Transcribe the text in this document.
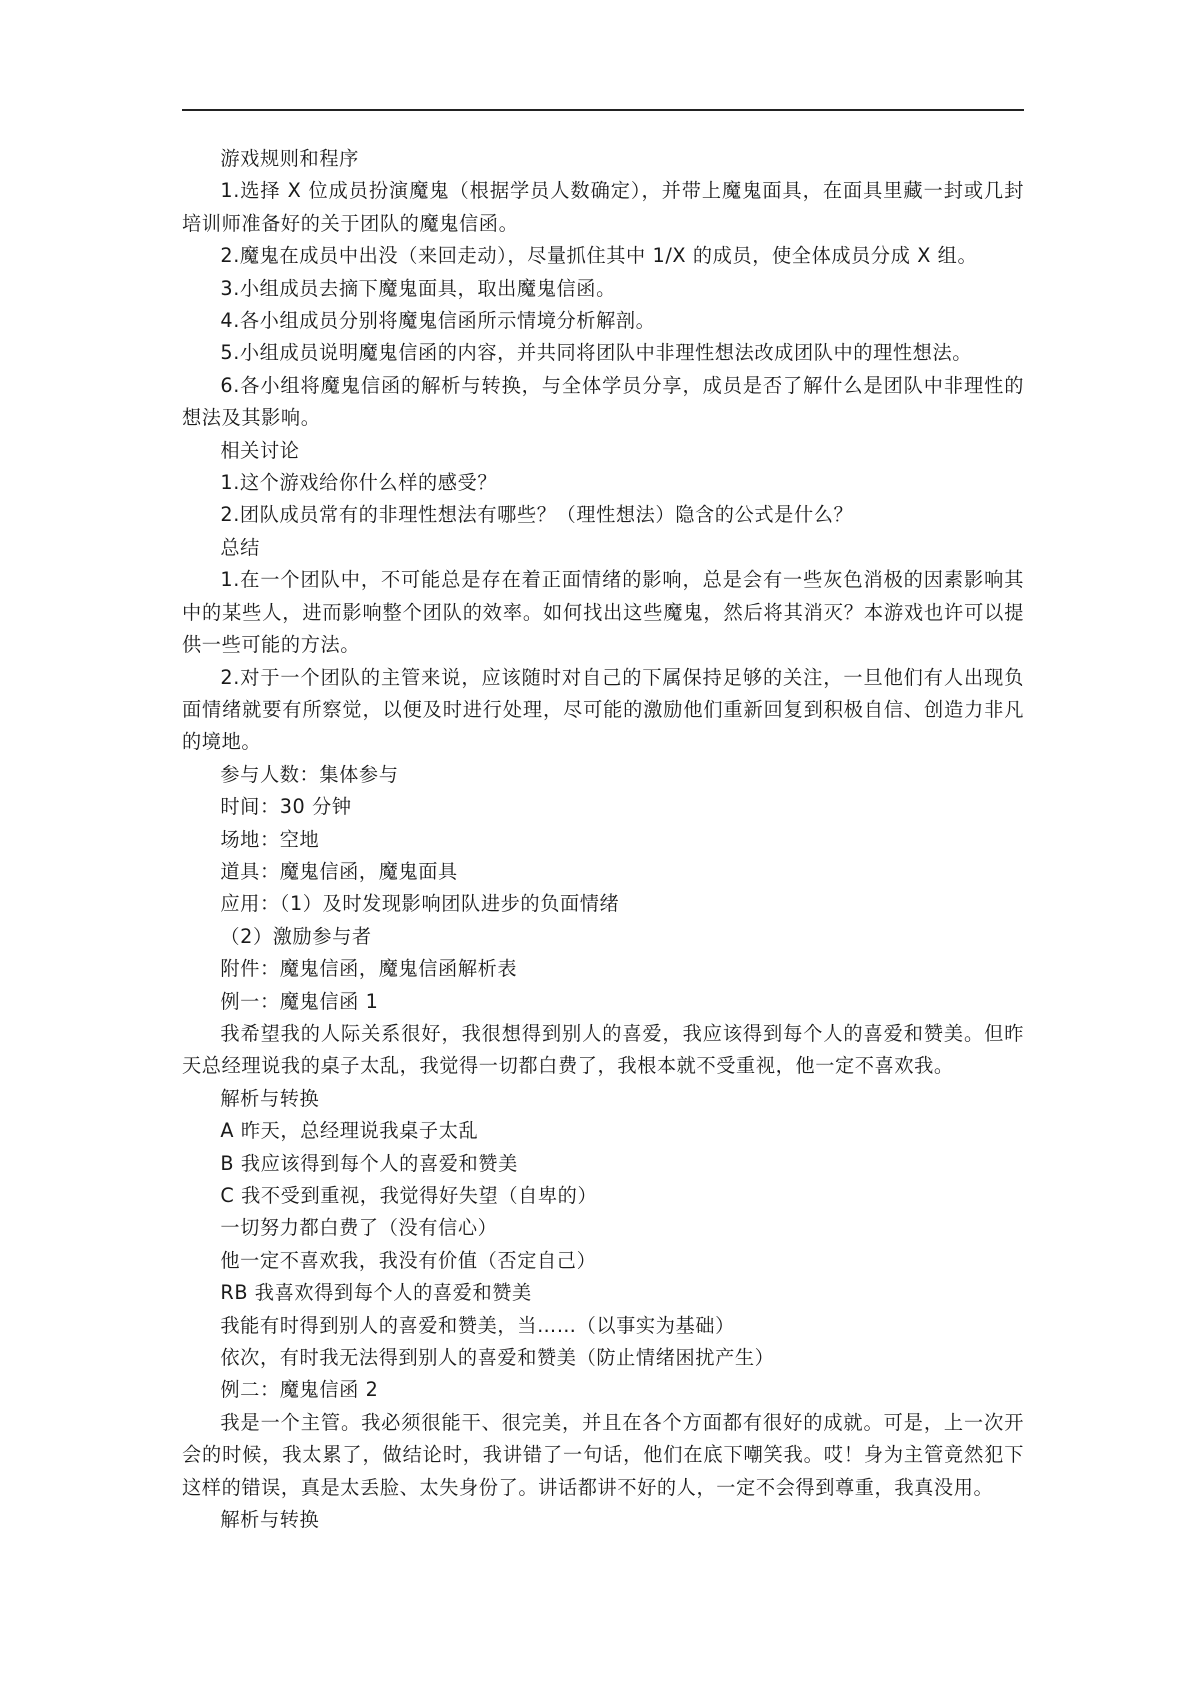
游戏规则和程序

1.选择 X 位成员扮演魔鬼（根据学员人数确定），并带上魔鬼面具，在面具里藏一封或几封培训师准备好的关于团队的魔鬼信函。

2.魔鬼在成员中出没（来回走动），尽量抓住其中 1/X 的成员，使全体成员分成 X 组。

3.小组成员去摘下魔鬼面具，取出魔鬼信函。

4.各小组成员分别将魔鬼信函所示情境分析解剖。

5.小组成员说明魔鬼信函的内容，并共同将团队中非理性想法改成团队中的理性想法。

6.各小组将魔鬼信函的解析与转换，与全体学员分享，成员是否了解什么是团队中非理性的想法及其影响。

相关讨论

1.这个游戏给你什么样的感受？

2.团队成员常有的非理性想法有哪些？（理性想法）隐含的公式是什么？

总结

1.在一个团队中，不可能总是存在着正面情绪的影响，总是会有一些灰色消极的因素影响其中的某些人，进而影响整个团队的效率。如何找出这些魔鬼，然后将其消灭？本游戏也许可以提供一些可能的方法。

2.对于一个团队的主管来说，应该随时对自己的下属保持足够的关注，一旦他们有人出现负面情绪就要有所察觉，以便及时进行处理，尽可能的激励他们重新回复到积极自信、创造力非凡的境地。

参与人数：集体参与

时间：30 分钟

场地：空地

道具：魔鬼信函，魔鬼面具

应用：（1）及时发现影响团队进步的负面情绪

（2）激励参与者

附件：魔鬼信函，魔鬼信函解析表

例一：魔鬼信函 1

我希望我的人际关系很好，我很想得到别人的喜爱，我应该得到每个人的喜爱和赞美。但昨天总经理说我的桌子太乱，我觉得一切都白费了，我根本就不受重视，他一定不喜欢我。

解析与转换

A 昨天，总经理说我桌子太乱

B 我应该得到每个人的喜爱和赞美

C 我不受到重视，我觉得好失望（自卑的）

一切努力都白费了（没有信心）

他一定不喜欢我，我没有价值（否定自己）

RB 我喜欢得到每个人的喜爱和赞美

我能有时得到别人的喜爱和赞美，当……（以事实为基础）

依次，有时我无法得到别人的喜爱和赞美（防止情绪困扰产生）

例二：魔鬼信函 2

我是一个主管。我必须很能干、很完美，并且在各个方面都有很好的成就。可是，上一次开会的时候，我太累了，做结论时，我讲错了一句话，他们在底下嘲笑我。哎！身为主管竟然犯下这样的错误，真是太丢脸、太失身份了。讲话都讲不好的人，一定不会得到尊重，我真没用。

解析与转换
